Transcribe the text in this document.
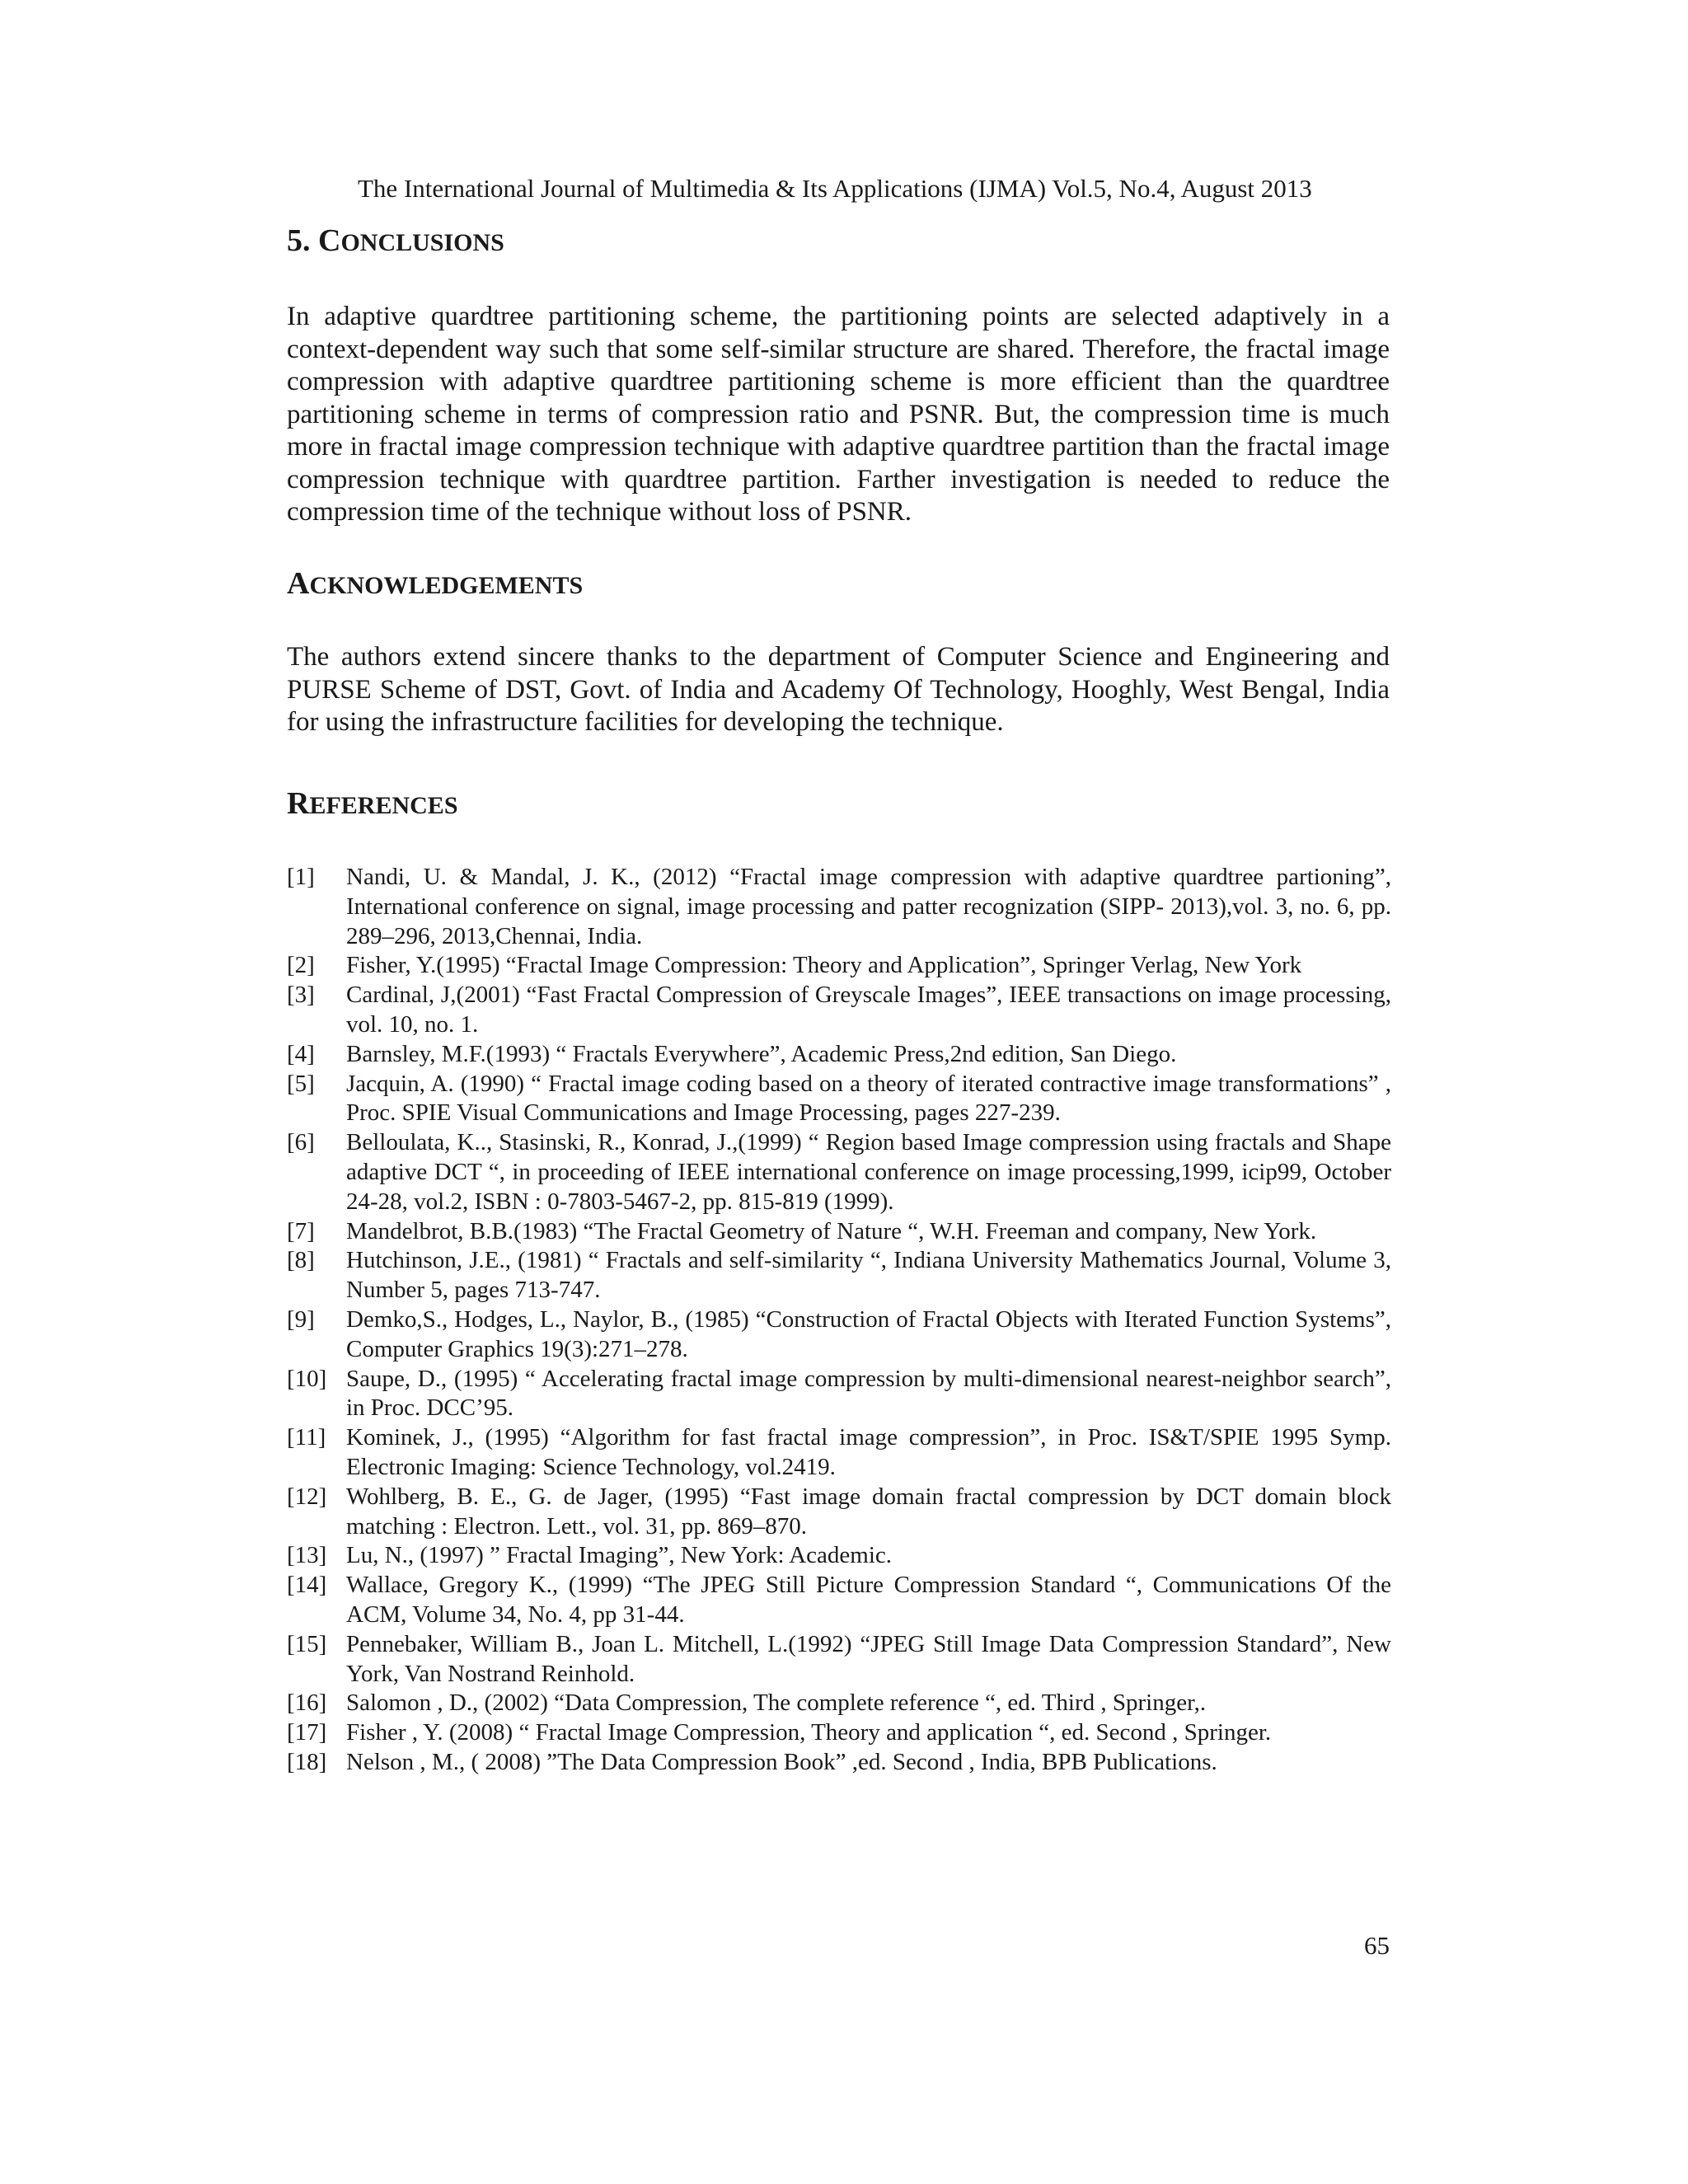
The International Journal of Multimedia & Its Applications (IJMA) Vol.5, No.4, August 2013
5. CONCLUSIONS

In adaptive quardtree partitioning scheme, the partitioning points are selected adaptively in a context-dependent way such that some self-similar structure are shared. Therefore, the fractal image compression with adaptive quardtree partitioning scheme is more efficient than the quardtree partitioning scheme in terms of compression ratio and PSNR. But, the compression time is much more in fractal image compression technique with adaptive quardtree partition than the fractal image compression technique with quardtree partition. Farther investigation is needed to reduce the compression time of the technique without loss of PSNR.

ACKNOWLEDGEMENTS

The authors extend sincere thanks to the department of Computer Science and Engineering and PURSE Scheme of DST, Govt. of India and Academy Of Technology, Hooghly, West Bengal, India for using the infrastructure facilities for developing the technique.

REFERENCES
[1] Nandi, U. & Mandal, J. K., (2012) “Fractal image compression with adaptive quardtree partioning”, International conference on signal, image processing and patter recognization (SIPP- 2013),vol. 3, no. 6, pp. 289–296, 2013,Chennai, India.
[2] Fisher, Y.(1995) “Fractal Image Compression: Theory and Application”, Springer Verlag, New York
[3] Cardinal, J,(2001) “Fast Fractal Compression of Greyscale Images”, IEEE transactions on image processing, vol. 10, no. 1.
[4] Barnsley, M.F.(1993) “ Fractals Everywhere”, Academic Press,2nd edition, San Diego.
[5] Jacquin, A. (1990) “ Fractal image coding based on a theory of iterated contractive image transformations” , Proc. SPIE Visual Communications and Image Processing, pages 227-239.
[6] Belloulata, K.., Stasinski, R., Konrad, J.,(1999) “ Region based Image compression using fractals and Shape adaptive DCT “, in proceeding of IEEE international conference on image processing,1999, icip99, October 24-28, vol.2, ISBN : 0-7803-5467-2, pp. 815-819 (1999).
[7] Mandelbrot, B.B.(1983) “The Fractal Geometry of Nature “, W.H. Freeman and company, New York.
[8] Hutchinson, J.E., (1981) “ Fractals and self-similarity “, Indiana University Mathematics Journal, Volume 3, Number 5, pages 713-747.
[9] Demko,S., Hodges, L., Naylor, B., (1985) “Construction of Fractal Objects with Iterated Function Systems”, Computer Graphics 19(3):271–278.
[10] Saupe, D., (1995) “ Accelerating fractal image compression by multi-dimensional nearest-neighbor search”, in Proc. DCC’95.
[11] Kominek, J., (1995) “Algorithm for fast fractal image compression”, in Proc. IS&T/SPIE 1995 Symp. Electronic Imaging: Science Technology, vol.2419.
[12] Wohlberg, B. E., G. de Jager, (1995) “Fast image domain fractal compression by DCT domain block matching : Electron. Lett., vol. 31, pp. 869–870.
[13] Lu, N., (1997) ” Fractal Imaging”, New York: Academic.
[14] Wallace, Gregory K., (1999) “The JPEG Still Picture Compression Standard “, Communications Of the ACM, Volume 34, No. 4, pp 31-44.
[15] Pennebaker, William B., Joan L. Mitchell, L.(1992) “JPEG Still Image Data Compression Standard”, New York, Van Nostrand Reinhold.
[16] Salomon , D., (2002) “Data Compression, The complete reference “, ed. Third , Springer,.
[17] Fisher , Y. (2008) “ Fractal Image Compression, Theory and application “, ed. Second , Springer.
[18] Nelson , M., ( 2008) ”The Data Compression Book” ,ed. Second , India, BPB Publications.
65
